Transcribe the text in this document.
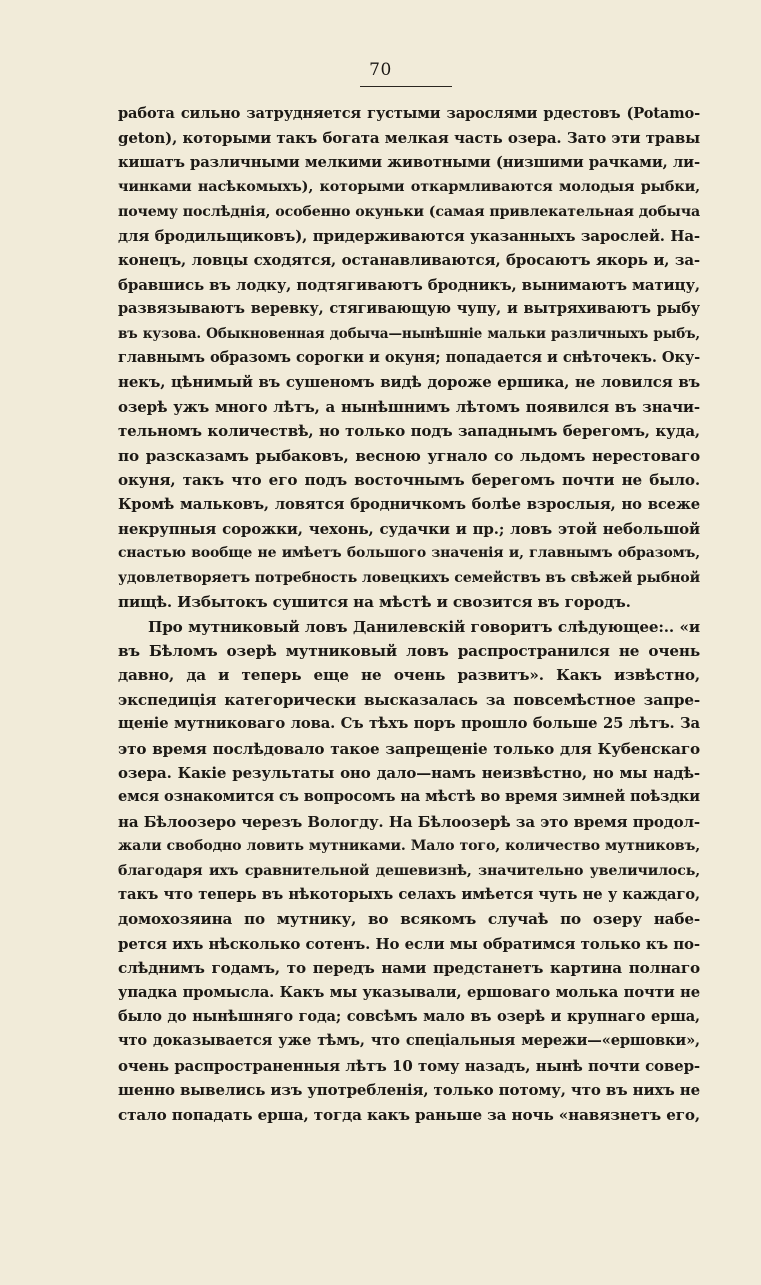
70
работа сильно затрудняется густыми зарослями рдестовъ (Potamo-
geton), которыми такъ богата мелкая часть озера. Зато эти травы
кишатъ различными мелкими животными (низшими рачками, ли-
чинками насѣкомыхъ), которыми откармливаются молодыя рыбки,
почему послѣднія, особенно окуньки (самая привлекательная добыча
для бродильщиковъ), придерживаются указанныхъ зарослей. На-
конецъ, ловцы сходятся, останавливаются, бросаютъ якорь и, за-
бравшись въ лодку, подтягиваютъ бродникъ, вынимаютъ матицу,
развязываютъ веревку, стягивающую чупу, и вытряхиваютъ рыбу
въ кузова. Обыкновенная добыча—нынѣшніе мальки различныхъ рыбъ,
главнымъ образомъ сорогки и окуня; попадается и снѣточекъ. Оку-
некъ, цѣнимый въ сушеномъ видѣ дороже ершика, не ловился въ
озерѣ ужъ много лѣтъ, а нынѣшнимъ лѣтомъ появился въ значи-
тельномъ количествѣ, но только подъ западнымъ берегомъ, куда,
по разсказамъ рыбаковъ, весною угнало со льдомъ нерестоваго
окуня, такъ что его подъ восточнымъ берегомъ почти не было.
Кромѣ мальковъ, ловятся бродничкомъ болѣе взрослыя, но всеже
некрупныя сорожки, чехонь, судачки и пр.; ловъ этой небольшой
снастью вообще не имѣетъ большого значенія и, главнымъ образомъ,
удовлетворяетъ потребность ловецкихъ семействъ въ свѣжей рыбной
пищѣ. Избытокъ сушится на мѣстѣ и свозится въ городъ.
Про мутниковый ловъ Данилевскій говоритъ слѣдующее:.. «и
въ Бѣломъ озерѣ мутниковый ловъ распространился не очень
давно, да и теперь еще не очень развитъ». Какъ извѣстно,
экспедиція категорически высказалась за повсемѣстное запре-
щеніе мутниковаго лова. Съ тѣхъ поръ прошло больше 25 лѣтъ. За
это время послѣдовало такое запрещеніе только для Кубенскаго
озера. Какіе результаты оно дало—намъ неизвѣстно, но мы надѣ-
емся ознакомится съ вопросомъ на мѣстѣ во время зимней поѣздки
на Бѣлоозеро черезъ Вологду. На Бѣлоозерѣ за это время продол-
жали свободно ловить мутниками. Мало того, количество мутниковъ,
благодаря ихъ сравнительной дешевизнѣ, значительно увеличилось,
такъ что теперь въ нѣкоторыхъ селахъ имѣется чуть не у каждаго,
домохозяина по мутнику, во всякомъ случаѣ по озеру набе-
рется ихъ нѣсколько сотенъ. Но если мы обратимся только къ по-
слѣднимъ годамъ, то передъ нами предстанетъ картина полнаго
упадка промысла. Какъ мы указывали, ершоваго молька почти не
было до нынѣшняго года; совсѣмъ мало въ озерѣ и крупнаго ерша,
что доказывается уже тѣмъ, что спеціальныя мережи—«ершовки»,
очень распространенныя лѣтъ 10 тому назадъ, нынѣ почти совер-
шенно вывелись изъ употребленія, только потому, что въ нихъ не
стало попадать ерша, тогда какъ раньше за ночь «навязнетъ его,
